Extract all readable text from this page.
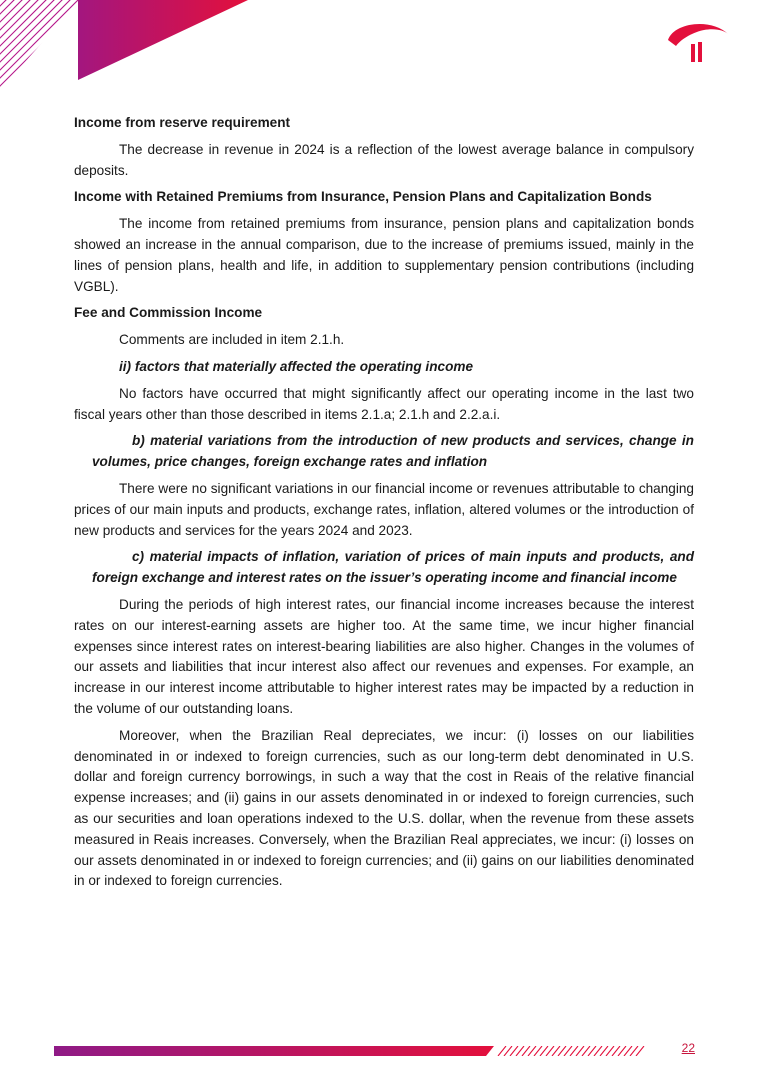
Income from reserve requirement

The decrease in revenue in 2024 is a reflection of the lowest average balance in compulsory deposits.

Income with Retained Premiums from Insurance, Pension Plans and Capitalization Bonds

The income from retained premiums from insurance, pension plans and capitalization bonds showed an increase in the annual comparison, due to the increase of premiums issued, mainly in the lines of pension plans, health and life, in addition to supplementary pension contributions (including VGBL).

Fee and Commission Income

Comments are included in item 2.1.h.

ii) factors that materially affected the operating income

No factors have occurred that might significantly affect our operating income in the last two fiscal years other than those described in items 2.1.a; 2.1.h and 2.2.a.i.

b) material variations from the introduction of new products and services, change in volumes, price changes, foreign exchange rates and inflation

There were no significant variations in our financial income or revenues attributable to changing prices of our main inputs and products, exchange rates, inflation, altered volumes or the introduction of new products and services for the years 2024 and 2023.

c) material impacts of inflation, variation of prices of main inputs and products, and foreign exchange and interest rates on the issuer’s operating income and financial income

During the periods of high interest rates, our financial income increases because the interest rates on our interest-earning assets are higher too. At the same time, we incur higher financial expenses since interest rates on interest-bearing liabilities are also higher. Changes in the volumes of our assets and liabilities that incur interest also affect our revenues and expenses. For example, an increase in our interest income attributable to higher interest rates may be impacted by a reduction in the volume of our outstanding loans.

Moreover, when the Brazilian Real depreciates, we incur: (i) losses on our liabilities denominated in or indexed to foreign currencies, such as our long-term debt denominated in U.S. dollar and foreign currency borrowings, in such a way that the cost in Reais of the relative financial expense increases; and (ii) gains in our assets denominated in or indexed to foreign currencies, such as our securities and loan operations indexed to the U.S. dollar, when the revenue from these assets measured in Reais increases. Conversely, when the Brazilian Real appreciates, we incur: (i) losses on our assets denominated in or indexed to foreign currencies; and (ii) gains on our liabilities denominated in or indexed to foreign currencies.

22
